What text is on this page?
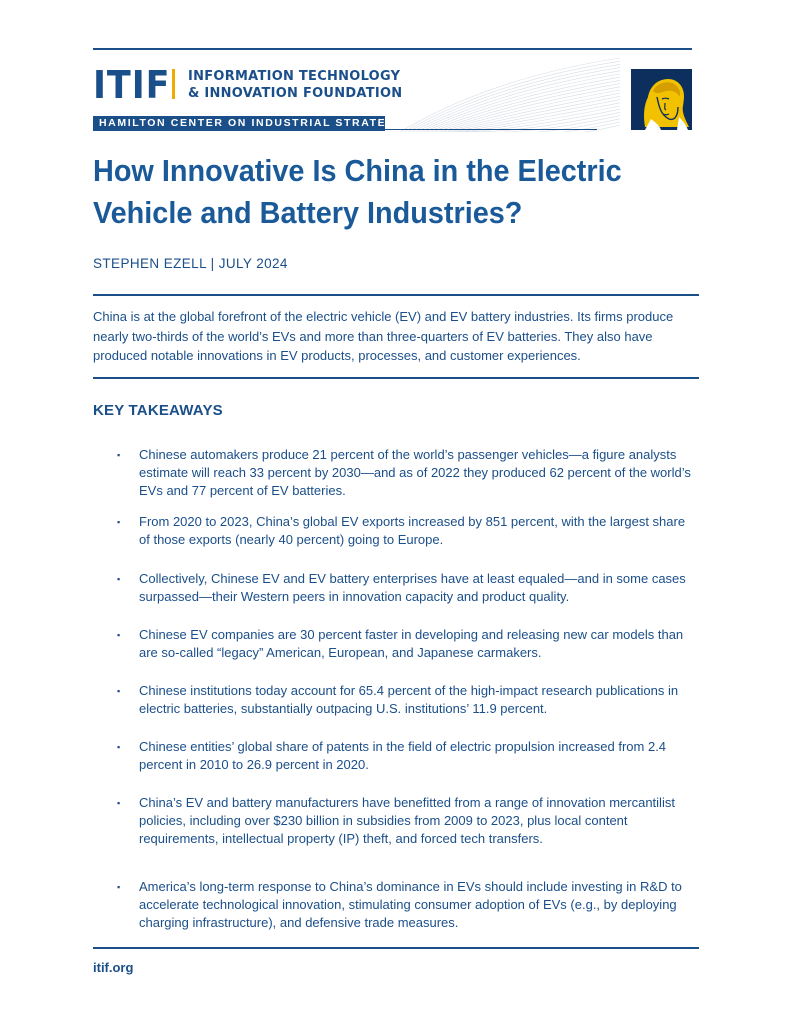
ITIF INFORMATION TECHNOLOGY
& INNOVATION FOUNDATION
HAMILTON CENTER ON INDUSTRIAL STRATEGY
How Innovative Is China in the Electric Vehicle and Battery Industries?
STEPHEN EZELL | JULY 2024
China is at the global forefront of the electric vehicle (EV) and EV battery industries. Its firms produce nearly two-thirds of the world’s EVs and more than three-quarters of EV batteries. They also have produced notable innovations in EV products, processes, and customer experiences.
KEY TAKEAWAYS
▪ Chinese automakers produce 21 percent of the world’s passenger vehicles—a figure analysts estimate will reach 33 percent by 2030—and as of 2022 they produced 62 percent of the world’s EVs and 77 percent of EV batteries.
▪ From 2020 to 2023, China’s global EV exports increased by 851 percent, with the largest share of those exports (nearly 40 percent) going to Europe.
▪ Collectively, Chinese EV and EV battery enterprises have at least equaled—and in some cases surpassed—their Western peers in innovation capacity and product quality.
▪ Chinese EV companies are 30 percent faster in developing and releasing new car models than are so-called “legacy” American, European, and Japanese carmakers.
▪ Chinese institutions today account for 65.4 percent of the high-impact research publications in electric batteries, substantially outpacing U.S. institutions’ 11.9 percent.
▪ Chinese entities’ global share of patents in the field of electric propulsion increased from 2.4 percent in 2010 to 26.9 percent in 2020.
▪ China’s EV and battery manufacturers have benefitted from a range of innovation mercantilist policies, including over $230 billion in subsidies from 2009 to 2023, plus local content requirements, intellectual property (IP) theft, and forced tech transfers.
▪ America’s long-term response to China’s dominance in EVs should include investing in R&D to accelerate technological innovation, stimulating consumer adoption of EVs (e.g., by deploying charging infrastructure), and defensive trade measures.
itif.org
